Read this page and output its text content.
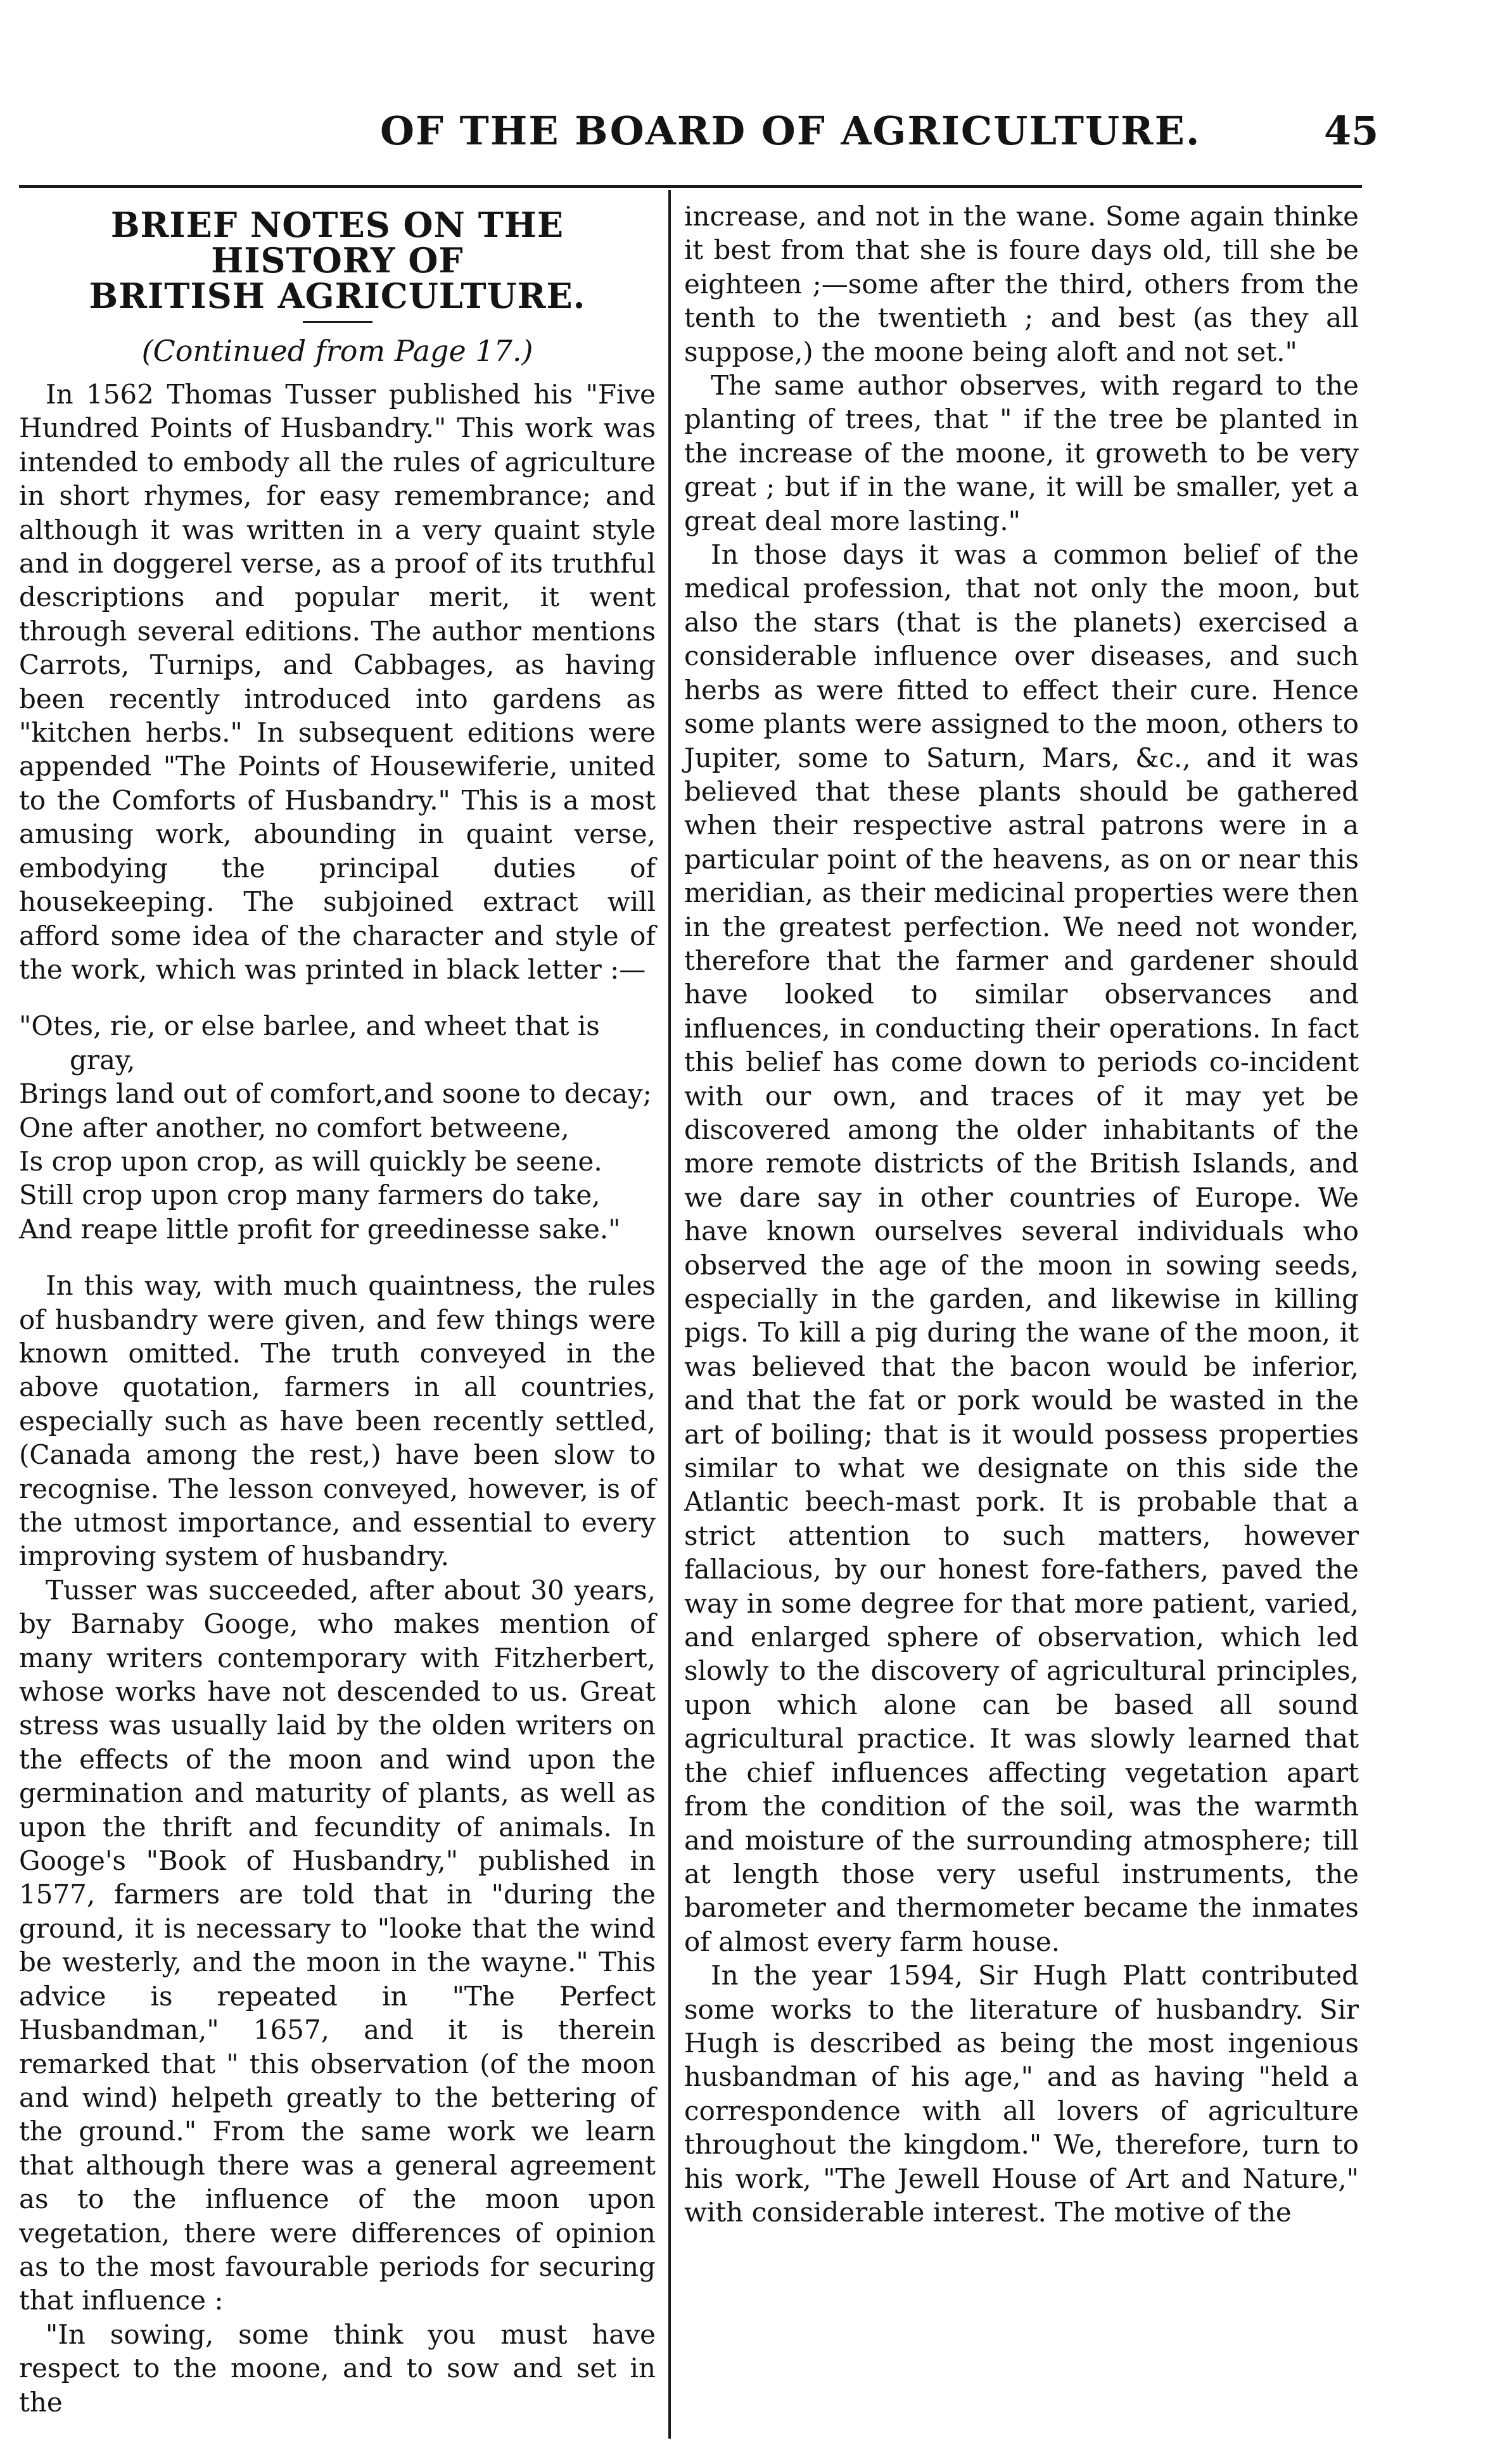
OF THE BOARD OF AGRICULTURE.	45
BRIEF NOTES ON THE HISTORY OF
BRITISH AGRICULTURE.
(Continued from Page 17.)

In 1562 Thomas Tusser published his "Five Hundred Points of Husbandry." This work was intended to embody all the rules of agriculture in short rhymes, for easy remembrance; and although it was written in a very quaint style and in doggerel verse, as a proof of its truthful descriptions and popular merit, it went through several editions. The author mentions Carrots, Turnips, and Cabbages, as having been recently introduced into gardens as "kitchen herbs." In subsequent editions were appended "The Points of Housewiferie, united to the Comforts of Husbandry." This is a most amusing work, abounding in quaint verse, embodying the principal duties of housekeeping. The subjoined extract will afford some idea of the character and style of the work, which was printed in black letter :—

"Otes, rie, or else barlee, and wheet that is
gray,
Brings land out of comfort,and soone to decay;
One after another, no comfort betweene,
Is crop upon crop, as will quickly be seene.
Still crop upon crop many farmers do take,
And reape little profit for greedinesse sake."

In this way, with much quaintness, the rules of husbandry were given, and few things were known omitted. The truth conveyed in the above quotation, farmers in all countries, especially such as have been recently settled, (Canada among the rest,) have been slow to recognise. The lesson conveyed, however, is of the utmost importance, and essential to every improving system of husbandry.

Tusser was succeeded, after about 30 years, by Barnaby Googe, who makes mention of many writers contemporary with Fitzherbert, whose works have not descended to us. Great stress was usually laid by the olden writers on the effects of the moon and wind upon the germination and maturity of plants, as well as upon the thrift and fecundity of animals. In Googe's "Book of Husbandry," published in 1577, farmers are told that in "during the ground, it is necessary to "looke that the wind be westerly, and the moon in the wayne." This advice is repeated in "The Perfect Husbandman," 1657, and it is therein remarked that " this observation (of the moon and wind) helpeth greatly to the bettering of the ground." From the same work we learn that although there was a general agreement as to the influence of the moon upon vegetation, there were differences of opinion as to the most favourable periods for securing that influence :

"In sowing, some think you must have respect to the moone, and to sow and set in the

increase, and not in the wane. Some again thinke it best from that she is foure days old, till she be eighteen ;—some after the third, others from the tenth to the twentieth ; and best (as they all suppose,) the moone being aloft and not set."

The same author observes, with regard to the planting of trees, that " if the tree be planted in the increase of the moone, it groweth to be very great ; but if in the wane, it will be smaller, yet a great deal more lasting."

In those days it was a common belief of the medical profession, that not only the moon, but also the stars (that is the planets) exercised a considerable influence over diseases, and such herbs as were fitted to effect their cure. Hence some plants were assigned to the moon, others to Jupiter, some to Saturn, Mars, &c., and it was believed that these plants should be gathered when their respective astral patrons were in a particular point of the heavens, as on or near this meridian, as their medicinal properties were then in the greatest perfection. We need not wonder, therefore that the farmer and gardener should have looked to similar observances and influences, in conducting their operations. In fact this belief has come down to periods co-incident with our own, and traces of it may yet be discovered among the older inhabitants of the more remote districts of the British Islands, and we dare say in other countries of Europe. We have known ourselves several individuals who observed the age of the moon in sowing seeds, especially in the garden, and likewise in killing pigs. To kill a pig during the wane of the moon, it was believed that the bacon would be inferior, and that the fat or pork would be wasted in the art of boiling; that is it would possess properties similar to what we designate on this side the Atlantic beech-mast pork. It is probable that a strict attention to such matters, however fallacious, by our honest fore-fathers, paved the way in some degree for that more patient, varied, and enlarged sphere of observation, which led slowly to the discovery of agricultural principles, upon which alone can be based all sound agricultural practice. It was slowly learned that the chief influences affecting vegetation apart from the condition of the soil, was the warmth and moisture of the surrounding atmosphere; till at length those very useful instruments, the barometer and thermometer became the inmates of almost every farm house.

In the year 1594, Sir Hugh Platt contributed some works to the literature of husbandry. Sir Hugh is described as being the most ingenious husbandman of his age," and as having "held a correspondence with all lovers of agriculture throughout the kingdom." We, therefore, turn to his work, "The Jewell House of Art and Nature," with considerable interest. The motive of the
